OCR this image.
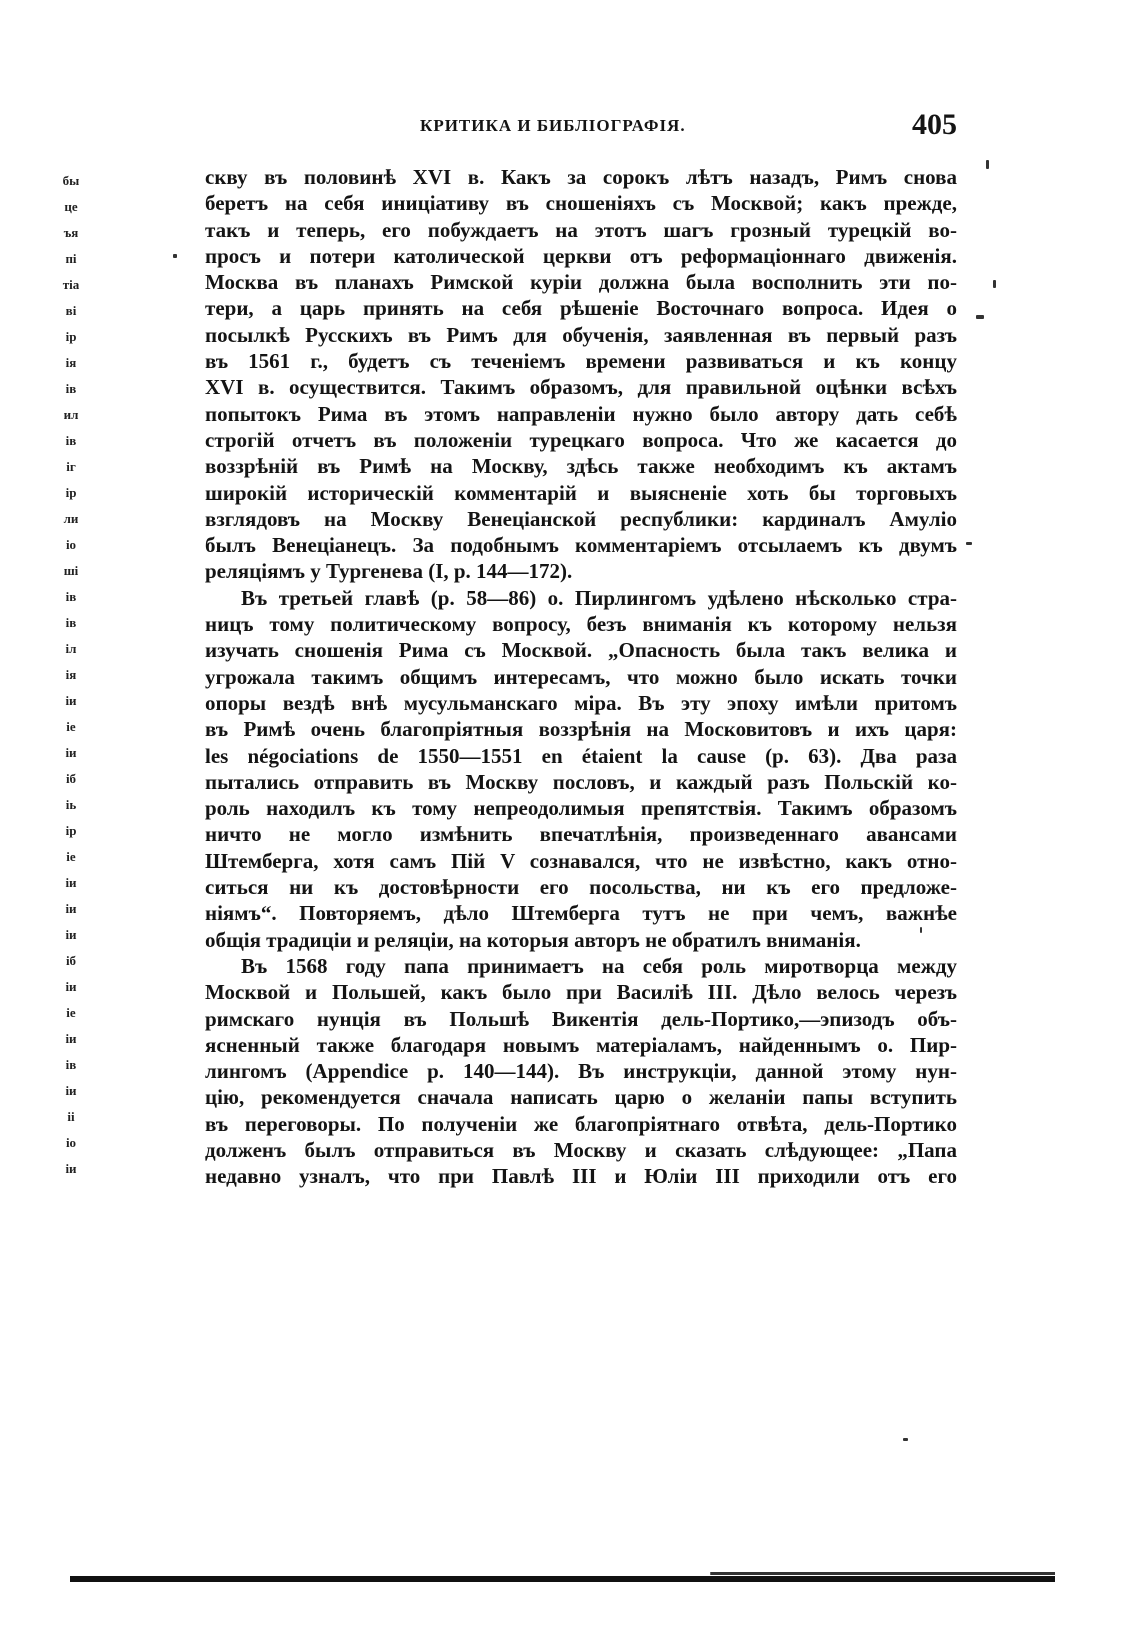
бы
це
ъя
пі
тіа
ві
ір
ія
ів
ил
ів
іг
ір
ли
іо
ші
ів
ів
іл
ія
іи
іе
іи
іб
іь
ір
іе
іи
іи
іи
іб
іи
іе
іи
ів
іи
іі
іо
іи
КРИТИКА И БИБЛІОГРАФІЯ.	405
скву въ половинѣ XVI в. Какъ за сорокъ лѣтъ назадъ, Римъ снова
беретъ на себя иниціативу въ сношеніяхъ съ Москвой; какъ прежде,
такъ и теперь, его побуждаетъ на этотъ шагъ грозный турецкій во-
просъ и потери католической церкви отъ реформаціоннаго движенія.
Москва въ планахъ Римской куріи должна была восполнить эти по-
тери, а царь принять на себя рѣшеніе Восточнаго вопроса. Идея о
посылкѣ Русскихъ въ Римъ для обученія, заявленная въ первый разъ
въ 1561 г., будетъ съ теченіемъ времени развиваться и къ концу
XVI в. осуществится. Такимъ образомъ, для правильной оцѣнки всѣхъ
попытокъ Рима въ этомъ направленіи нужно было автору дать себѣ
строгій отчетъ въ положеніи турецкаго вопроса. Что же касается до
воззрѣній въ Римѣ на Москву, здѣсь также необходимъ къ актамъ
широкій историческій комментарій и выясненіе хоть бы торговыхъ
взглядовъ на Москву Венеціанской республики: кардиналъ Амуліо
былъ Венеціанецъ. За подобнымъ комментаріемъ отсылаемъ къ двумъ
реляціямъ у Тургенева (I, p. 144—172).
Въ третьей главѣ (p. 58—86) о. Пирлингомъ удѣлено нѣсколько стра-
ницъ тому политическому вопросу, безъ вниманія къ которому нельзя
изучать сношенія Рима съ Москвой. „Опасность была такъ велика и
угрожала такимъ общимъ интересамъ, что можно было искать точки
опоры вездѣ внѣ мусульманскаго міра. Въ эту эпоху имѣли притомъ
въ Римѣ очень благопріятныя воззрѣнія на Московитовъ и ихъ царя:
les négociations de 1550—1551 en étaient la cause (p. 63). Два раза
пытались отправить въ Москву пословъ, и каждый разъ Польскій ко-
роль находилъ къ тому непреодолимыя препятствія. Такимъ образомъ
ничто не могло измѣнить впечатлѣнія, произведеннаго авансами
Штемберга, хотя самъ Пій V сознавался, что не извѣстно, какъ отно-
ситься ни къ достовѣрности его посольства, ни къ его предложе-
ніямъ“. Повторяемъ, дѣло Штемберга тутъ не при чемъ, важнѣе
общія традиціи и реляціи, на которыя авторъ не обратилъ вниманія.
Въ 1568 году папа принимаетъ на себя роль миротворца между
Москвой и Польшей, какъ было при Василіѣ III. Дѣло велось черезъ
римскаго нунція въ Польшѣ Викентія дель-Портико,—эпизодъ объ-
ясненный также благодаря новымъ матеріаламъ, найденнымъ о. Пир-
лингомъ (Appendice p. 140—144). Въ инструкціи, данной этому нун-
цію, рекомендуется сначала написать царю о желаніи папы вступить
въ переговоры. По полученіи же благопріятнаго отвѣта, дель-Портико
долженъ былъ отправиться въ Москву и сказать слѣдующее: „Папа
недавно узналъ, что при Павлѣ III и Юліи III приходили отъ его
